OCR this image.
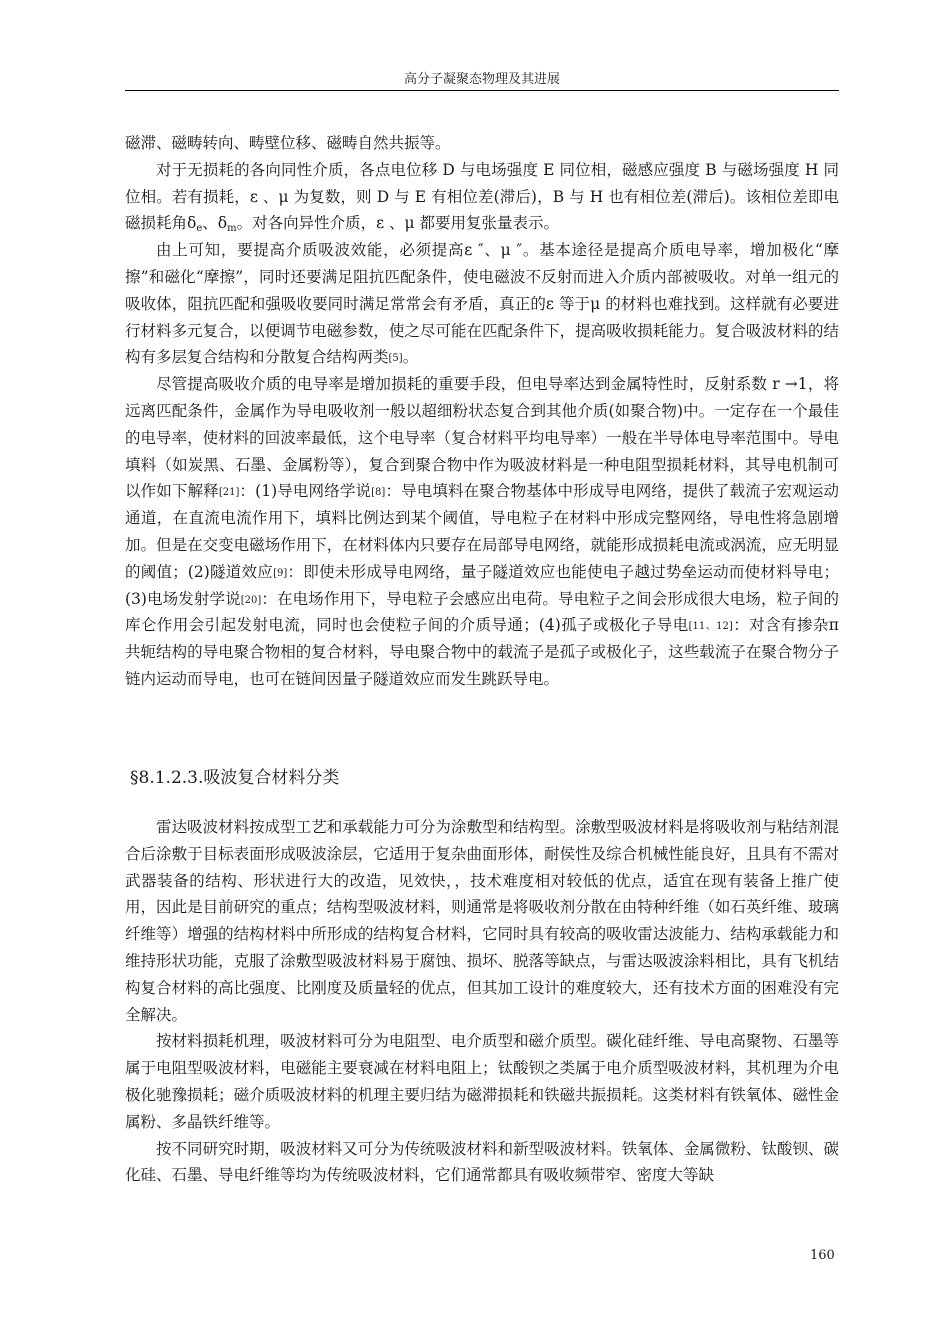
高分子凝聚态物理及其进展

磁滞、磁畴转向、畴壁位移、磁畴自然共振等。

对于无损耗的各向同性介质，各点电位移 D 与电场强度 E 同位相，磁感应强度 B 与磁场强度 H 同位相。若有损耗，ε 、μ 为复数，则 D 与 E 有相位差(滞后)，B 与 H 也有相位差(滞后)。该相位差即电磁损耗角$\delta_e$、$\delta_m$。对各向异性介质，ε 、μ 都要用复张量表示。

由上可知，要提高介质吸波效能，必须提高ε ″、μ ″。基本途径是提高介质电导率，增加极化“摩擦”和磁化“摩擦”，同时还要满足阻抗匹配条件，使电磁波不反射而进入介质内部被吸收。对单一组元的吸收体，阻抗匹配和强吸收要同时满足常常会有矛盾，真正的ε 等于μ 的材料也难找到。这样就有必要进行材料多元复合，以便调节电磁参数，使之尽可能在匹配条件下，提高吸收损耗能力。复合吸波材料的结构有多层复合结构和分散复合结构两类[5]。

尽管提高吸收介质的电导率是增加损耗的重要手段，但电导率达到金属特性时，反射系数 r →1，将远离匹配条件，金属作为导电吸收剂一般以超细粉状态复合到其他介质(如聚合物)中。一定存在一个最佳的电导率，使材料的回波率最低，这个电导率（复合材料平均电导率）一般在半导体电导率范围中。导电填料（如炭黑、石墨、金属粉等），复合到聚合物中作为吸波材料是一种电阻型损耗材料，其导电机制可以作如下解释[21]：(1)导电网络学说[8]：导电填料在聚合物基体中形成导电网络，提供了载流子宏观运动通道，在直流电流作用下，填料比例达到某个阈值，导电粒子在材料中形成完整网络，导电性将急剧增加。但是在交变电磁场作用下，在材料体内只要存在局部导电网络，就能形成损耗电流或涡流，应无明显的阈值；(2)隧道效应[9]：即使未形成导电网络，量子隧道效应也能使电子越过势垒运动而使材料导电；(3)电场发射学说[20]：在电场作用下，导电粒子会感应出电荷。导电粒子之间会形成很大电场，粒子间的库仑作用会引起发射电流，同时也会使粒子间的介质导通；(4)孤子或极化子导电[11、12]：对含有掺杂π 共轭结构的导电聚合物相的复合材料，导电聚合物中的载流子是孤子或极化子，这些载流子在聚合物分子链内运动而导电，也可在链间因量子隧道效应而发生跳跃导电。

§8.1.2.3.吸波复合材料分类

雷达吸波材料按成型工艺和承载能力可分为涂敷型和结构型。涂敷型吸波材料是将吸收剂与粘结剂混合后涂敷于目标表面形成吸波涂层，它适用于复杂曲面形体，耐侯性及综合机械性能良好，且具有不需对武器装备的结构、形状进行大的改造，见效快，，技术难度相对较低的优点，适宜在现有装备上推广使用，因此是目前研究的重点；结构型吸波材料，则通常是将吸收剂分散在由特种纤维（如石英纤维、玻璃纤维等）增强的结构材料中所形成的结构复合材料，它同时具有较高的吸收雷达波能力、结构承载能力和维持形状功能，克服了涂敷型吸波材料易于腐蚀、损坏、脱落等缺点，与雷达吸波涂料相比，具有飞机结构复合材料的高比强度、比刚度及质量轻的优点，但其加工设计的难度较大，还有技术方面的困难没有完全解决。

按材料损耗机理，吸波材料可分为电阻型、电介质型和磁介质型。碳化硅纤维、导电高聚物、石墨等属于电阻型吸波材料，电磁能主要衰减在材料电阻上；钛酸钡之类属于电介质型吸波材料，其机理为介电极化驰豫损耗；磁介质吸波材料的机理主要归结为磁滞损耗和铁磁共振损耗。这类材料有铁氧体、磁性金属粉、多晶铁纤维等。

按不同研究时期，吸波材料又可分为传统吸波材料和新型吸波材料。铁氧体、金属微粉、钛酸钡、碳化硅、石墨、导电纤维等均为传统吸波材料，它们通常都具有吸收频带窄、密度大等缺

160
